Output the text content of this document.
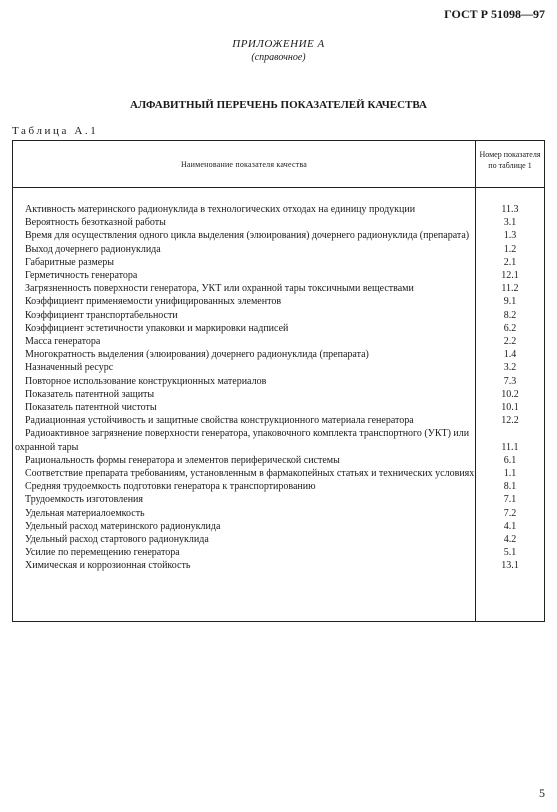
ГОСТ Р 51098—97
ПРИЛОЖЕНИЕ А
(справочное)
АЛФАВИТНЫЙ ПЕРЕЧЕНЬ ПОКАЗАТЕЛЕЙ КАЧЕСТВА
Таблица А.1
Наименование показателя качества
Номер показателя по таблице 1
Активность материнского радионуклида в технологических отходах на единицу продукции	11.3
Вероятность безотказной работы	3.1
Время для осуществления одного цикла выделения (элюирования) дочернего радионуклида (препарата)	1.3
Выход дочернего радионуклида	1.2
Габаритные размеры	2.1
Герметичность генератора	12.1
Загрязненность поверхности генератора, УКТ или охранной тары токсичными веществами	11.2
Коэффициент применяемости унифицированных элементов	9.1
Коэффициент транспортабельности	8.2
Коэффициент эстетичности упаковки и маркировки надписей	6.2
Масса генератора	2.2
Многократность выделения (элюирования) дочернего радионуклида (препарата)	1.4
Назначенный ресурс	3.2
Повторное использование конструкционных материалов	7.3
Показатель патентной защиты	10.2
Показатель патентной чистоты	10.1
Радиационная устойчивость и защитные свойства конструкционного материала генератора	12.2
Радиоактивное загрязнение поверхности генератора, упаковочного комплекта транспортного (УКТ) или охранной тары	11.1
Рациональность формы генератора и элементов периферической системы	6.1
Соответствие препарата требованиям, установленным в фармакопейных статьях и технических условиях	1.1
Средняя трудоемкость подготовки генератора к транспортированию	8.1
Трудоемкость изготовления	7.1
Удельная материалоемкость	7.2
Удельный расход материнского радионуклида	4.1
Удельный расход стартового радионуклида	4.2
Усилие по перемещению генератора	5.1
Химическая и коррозионная стойкость	13.1
5
